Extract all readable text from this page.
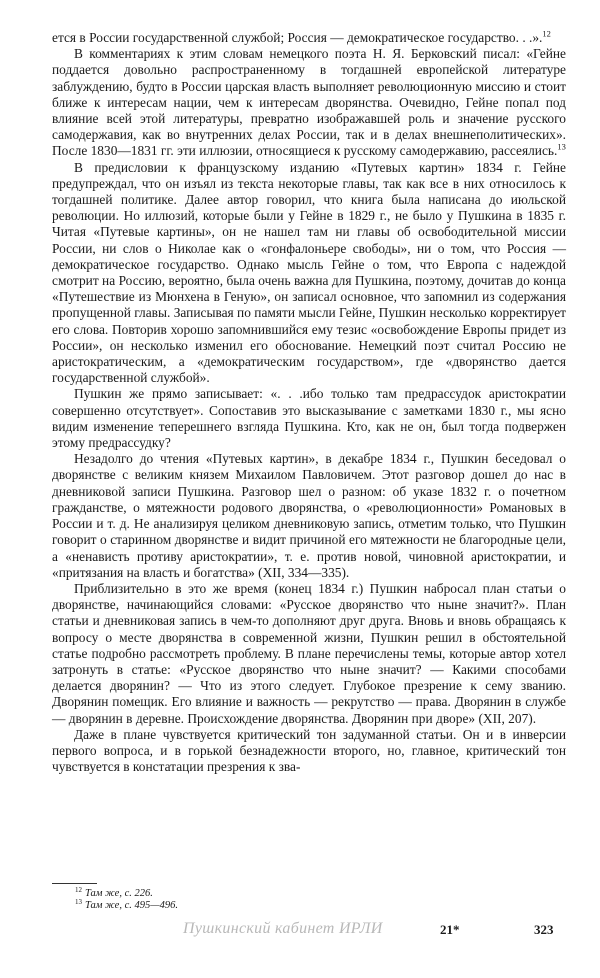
ется в России государственной службой; Россия — демократическое государство. . .».$^{12}$

В комментариях к этим словам немецкого поэта Н. Я. Берковский писал: «Гейне поддается довольно распространенному в тогдашней европейской литературе заблуждению, будто в России царская власть выполняет революционную миссию и стоит ближе к интересам нации, чем к интересам дворянства. Очевидно, Гейне попал под влияние всей этой литературы, превратно изображавшей роль и значение русского самодержавия, как во внутренних делах России, так и в делах внешнеполитических». После 1830—1831 гг. эти иллюзии, относящиеся к русскому самодержавию, рассеялись.$^{13}$

В предисловии к французскому изданию «Путевых картин» 1834 г. Гейне предупреждал, что он изъял из текста некоторые главы, так как все в них относилось к тогдашней политике. Далее автор говорил, что книга была написана до июльской революции. Но иллюзий, которые были у Гейне в 1829 г., не было у Пушкина в 1835 г. Читая «Путевые картины», он не нашел там ни главы об освободительной миссии России, ни слов о Николае как о «гонфалоньере свободы», ни о том, что Россия — демократическое государство. Однако мысль Гейне о том, что Европа с надеждой смотрит на Россию, вероятно, была очень важна для Пушкина, поэтому, дочитав до конца «Путешествие из Мюнхена в Геную», он записал основное, что запомнил из содержания пропущенной главы. Записывая по памяти мысли Гейне, Пушкин несколько корректирует его слова. Повторив хорошо запомнившийся ему тезис «освобождение Европы придет из России», он несколько изменил его обоснование. Немецкий поэт считал Россию не аристократическим, а «демократическим государством», где «дворянство дается государственной службой».

Пушкин же прямо записывает: «. . .ибо только там предрассудок аристократии совершенно отсутствует». Сопоставив это высказывание с заметками 1830 г., мы ясно видим изменение теперешнего взгляда Пушкина. Кто, как не он, был тогда подвержен этому предрассудку?

Незадолго до чтения «Путевых картин», в декабре 1834 г., Пушкин беседовал о дворянстве с великим князем Михаилом Павловичем. Этот разговор дошел до нас в дневниковой записи Пушкина. Разговор шел о разном: об указе 1832 г. о почетном гражданстве, о мятежности родового дворянства, о «революционности» Романовых в России и т. д. Не анализируя целиком дневниковую запись, отметим только, что Пушкин говорит о старинном дворянстве и видит причиной его мятежности не благородные цели, а «ненависть противу аристократии», т. е. против новой, чиновной аристократии, и «притязания на власть и богатства» (XII, 334—335).

Приблизительно в это же время (конец 1834 г.) Пушкин набросал план статьи о дворянстве, начинающийся словами: «Русское дворянство что ныне значит?». План статьи и дневниковая запись в чем-то дополняют друг друга. Вновь и вновь обращаясь к вопросу о месте дворянства в современной жизни, Пушкин решил в обстоятельной статье подробно рассмотреть проблему. В плане перечислены темы, которые автор хотел затронуть в статье: «Русское дворянство что ныне значит? — Какими способами делается дворянин? — Что из этого следует. Глубокое презрение к сему званию. Дворянин помещик. Его влияние и важность — рекрутство — права. Дворянин в службе — дворянин в деревне. Происхождение дворянства. Дворянин при дворе» (XII, 207).

Даже в плане чувствуется критический тон задуманной статьи. Он и в инверсии первого вопроса, и в горькой безнадежности второго, но, главное, критический тон чувствуется в констатации презрения к зва-

$^{12}$ Там же, с. 226.

$^{13}$ Там же, с. 495—496.

Пушкинский кабинет ИРЛИ	21*	323
